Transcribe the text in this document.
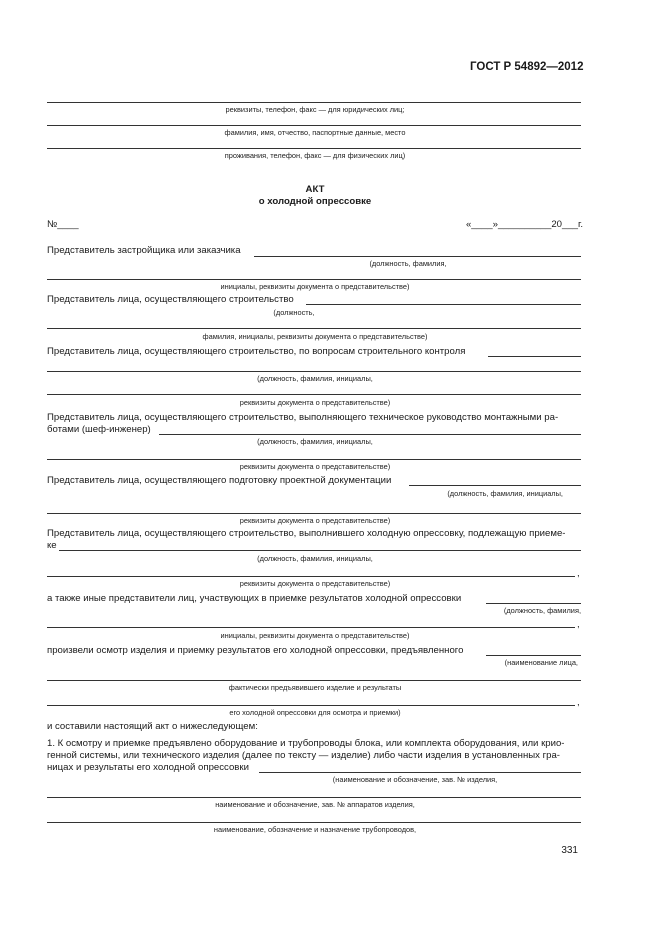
ГОСТ Р 54892—2012
реквизиты, телефон, факс — для юридических лиц;
фамилия, имя, отчество, паспортные данные, место
проживания, телефон, факс — для физических лиц)
АКТ
о холодной опрессовке
№____	«____»__________20___г.
Представитель застройщика или заказчика
(должность, фамилия,
инициалы, реквизиты документа о представительстве)
Представитель лица, осуществляющего строительство
(должность,
фамилия, инициалы, реквизиты документа о представительстве)
Представитель лица, осуществляющего строительство, по вопросам строительного контроля
(должность, фамилия, инициалы,
реквизиты документа о представительстве)
Представитель лица, осуществляющего строительство, выполняющего техническое руководство монтажными ра-
ботами (шеф-инженер)
(должность, фамилия, инициалы,
реквизиты документа о представительстве)
Представитель лица, осуществляющего подготовку проектной документации
(должность, фамилия, инициалы,
реквизиты документа о представительстве)
Представитель лица, осуществляющего строительство, выполнившего холодную опрессовку, подлежащую приеме-
ке
(должность, фамилия, инициалы,
,
реквизиты документа о представительстве)
а также иные представители лиц, участвующих в приемке результатов холодной опрессовки
(должность, фамилия,
,
инициалы, реквизиты документа о представительстве)
произвели осмотр изделия и приемку результатов его холодной опрессовки, предъявленного
(наименование лица,
фактически предъявившего изделие и результаты
,
его холодной опрессовки для осмотра и приемки)
и составили настоящий акт о нижеследующем:
1. К осмотру и приемке предъявлено оборудование и трубопроводы блока, или комплекта оборудования, или крио-
генной системы, или технического изделия (далее по тексту — изделие) либо части изделия в установленных гра-
ницах и результаты его холодной опрессовки
(наименование и обозначение, зав. № изделия,
наименование и обозначение, зав. № аппаратов изделия,
наименование, обозначение и назначение трубопроводов,
331
